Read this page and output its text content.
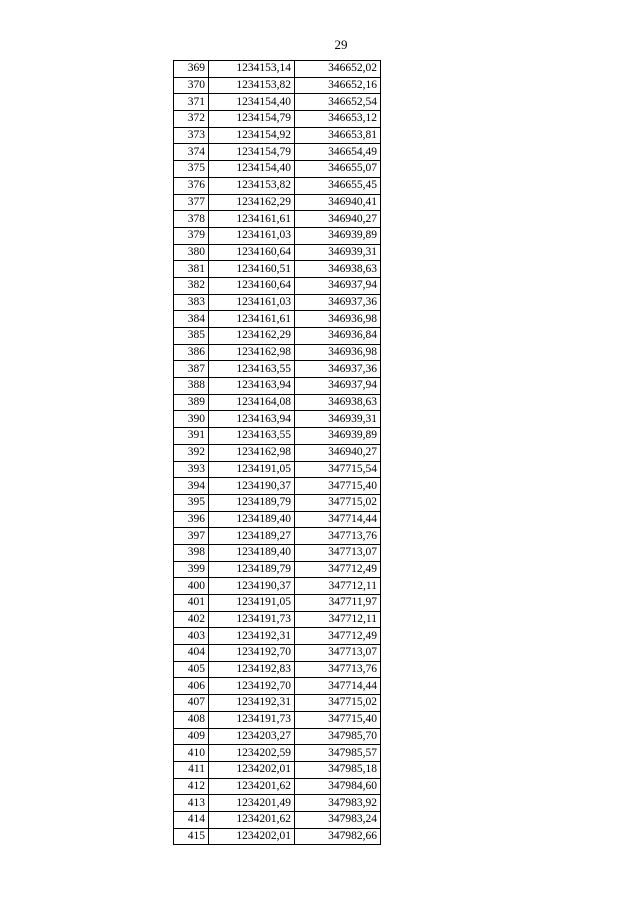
29
369	1234153,14	346652,02
370	1234153,82	346652,16
371	1234154,40	346652,54
372	1234154,79	346653,12
373	1234154,92	346653,81
374	1234154,79	346654,49
375	1234154,40	346655,07
376	1234153,82	346655,45
377	1234162,29	346940,41
378	1234161,61	346940,27
379	1234161,03	346939,89
380	1234160,64	346939,31
381	1234160,51	346938,63
382	1234160,64	346937,94
383	1234161,03	346937,36
384	1234161,61	346936,98
385	1234162,29	346936,84
386	1234162,98	346936,98
387	1234163,55	346937,36
388	1234163,94	346937,94
389	1234164,08	346938,63
390	1234163,94	346939,31
391	1234163,55	346939,89
392	1234162,98	346940,27
393	1234191,05	347715,54
394	1234190,37	347715,40
395	1234189,79	347715,02
396	1234189,40	347714,44
397	1234189,27	347713,76
398	1234189,40	347713,07
399	1234189,79	347712,49
400	1234190,37	347712,11
401	1234191,05	347711,97
402	1234191,73	347712,11
403	1234192,31	347712,49
404	1234192,70	347713,07
405	1234192,83	347713,76
406	1234192,70	347714,44
407	1234192,31	347715,02
408	1234191,73	347715,40
409	1234203,27	347985,70
410	1234202,59	347985,57
411	1234202,01	347985,18
412	1234201,62	347984,60
413	1234201,49	347983,92
414	1234201,62	347983,24
415	1234202,01	347982,66
